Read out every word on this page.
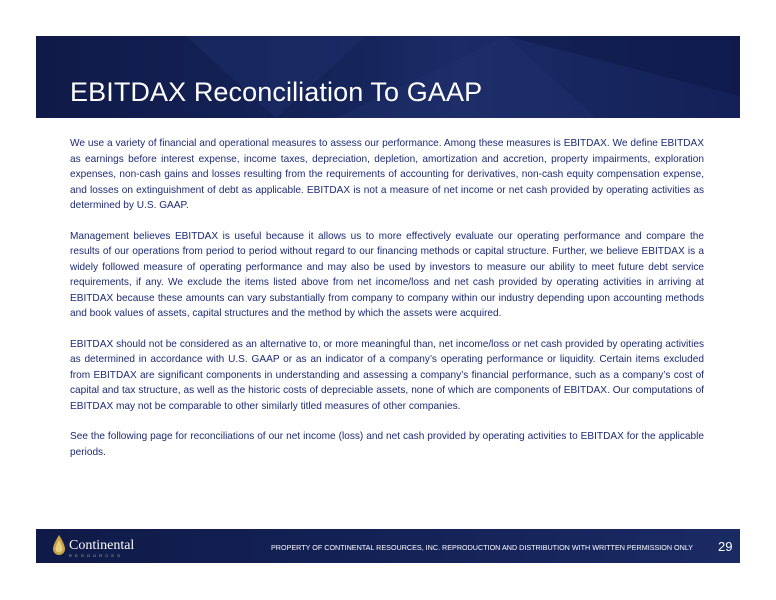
EBITDAX Reconciliation To GAAP

We use a variety of financial and operational measures to assess our performance. Among these measures is EBITDAX. We define EBITDAX as earnings before interest expense, income taxes, depreciation, depletion, amortization and accretion, property impairments, exploration expenses, non-cash gains and losses resulting from the requirements of accounting for derivatives, non-cash equity compensation expense, and losses on extinguishment of debt as applicable. EBITDAX is not a measure of net income or net cash provided by operating activities as determined by U.S. GAAP.

Management believes EBITDAX is useful because it allows us to more effectively evaluate our operating performance and compare the results of our operations from period to period without regard to our financing methods or capital structure. Further, we believe EBITDAX is a widely followed measure of operating performance and may also be used by investors to measure our ability to meet future debt service requirements, if any. We exclude the items listed above from net income/loss and net cash provided by operating activities in arriving at EBITDAX because these amounts can vary substantially from company to company within our industry depending upon accounting methods and book values of assets, capital structures and the method by which the assets were acquired.

EBITDAX should not be considered as an alternative to, or more meaningful than, net income/loss or net cash provided by operating activities as determined in accordance with U.S. GAAP or as an indicator of a company’s operating performance or liquidity. Certain items excluded from EBITDAX are significant components in understanding and assessing a company’s financial performance, such as a company’s cost of capital and tax structure, as well as the historic costs of depreciable assets, none of which are components of EBITDAX. Our computations of EBITDAX may not be comparable to other similarly titled measures of other companies.

See the following page for reconciliations of our net income (loss) and net cash provided by operating activities to EBITDAX for the applicable periods.

Continental
RESOURCES
PROPERTY OF CONTINENTAL RESOURCES, INC. REPRODUCTION AND DISTRIBUTION WITH WRITTEN PERMISSION ONLY 29
